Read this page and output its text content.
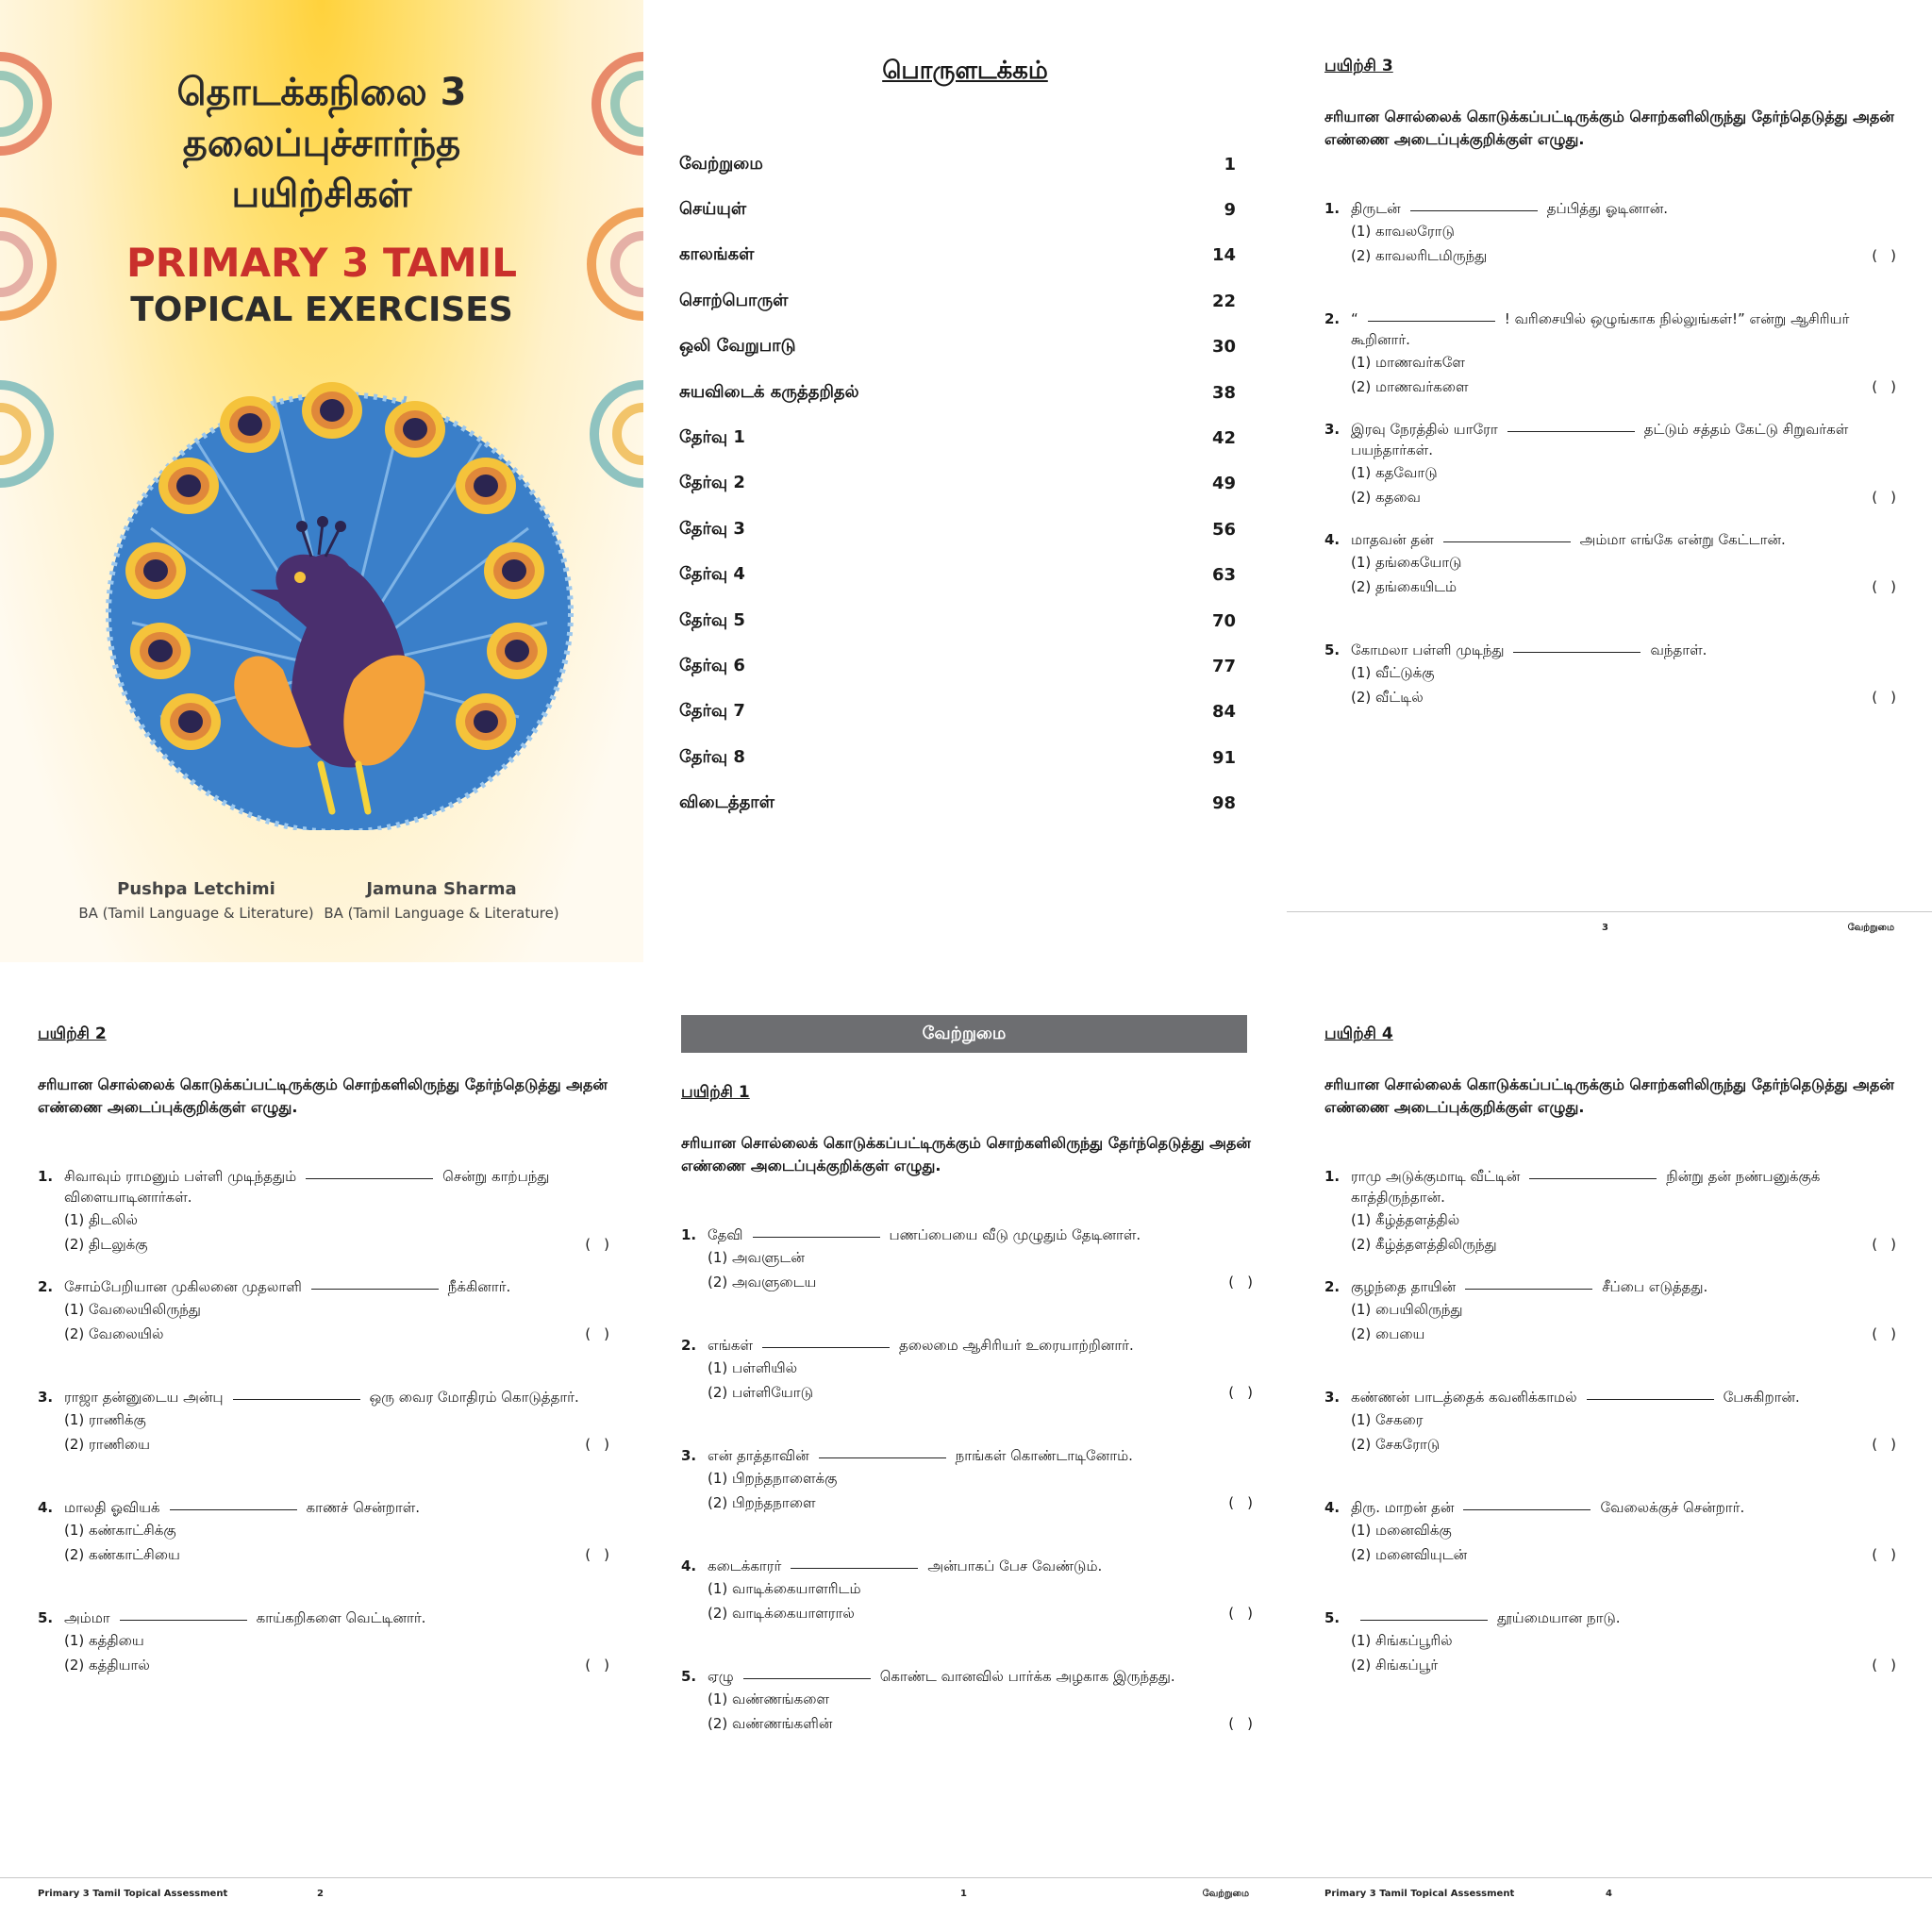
தொடக்கநிலை 3
தலைப்புச்சார்ந்த
பயிற்சிகள்
PRIMARY 3 TAMIL
TOPICAL EXERCISES
Pushpa Letchimi
BA (Tamil Language & Literature)
Jamuna Sharma
BA (Tamil Language & Literature)
பொருளடக்கம்
வேற்றுமை	1
செய்யுள்	9
காலங்கள்	14
சொற்பொருள்	22
ஒலி வேறுபாடு	30
சுயவிடைக் கருத்தறிதல்	38
தேர்வு 1	42
தேர்வு 2	49
தேர்வு 3	56
தேர்வு 4	63
தேர்வு 5	70
தேர்வு 6	77
தேர்வு 7	84
தேர்வு 8	91
விடைத்தாள்	98
பயிற்சி 3
சரியான சொல்லைக் கொடுக்கப்பட்டிருக்கும் சொற்களிலிருந்து தேர்ந்தெடுத்து அதன் எண்ணை அடைப்புக்குறிக்குள் எழுது.
1. திருடன்	தப்பித்து ஓடினான்.
(1) காவலரோடு
(2) காவலரிடமிருந்து	()
2. “	! வரிசையில் ஒழுங்காக நில்லுங்கள்!” என்று ஆசிரியர்
கூறினார்.
(1) மாணவர்களே
(2) மாணவர்களை	()
3. இரவு நேரத்தில் யாரோ	தட்டும் சத்தம் கேட்டு சிறுவர்கள்
பயந்தார்கள்.
(1) கதவோடு
(2) கதவை	()
4. மாதவன் தன்	அம்மா எங்கே என்று கேட்டான்.
(1) தங்கையோடு
(2) தங்கையிடம்	()
5. கோமலா பள்ளி முடிந்து	வந்தாள்.
(1) வீட்டுக்கு
(2) வீட்டில்	()
3	வேற்றுமை
பயிற்சி 2
சரியான சொல்லைக் கொடுக்கப்பட்டிருக்கும் சொற்களிலிருந்து தேர்ந்தெடுத்து அதன் எண்ணை அடைப்புக்குறிக்குள் எழுது.
1. சிவாவும் ராமனும் பள்ளி முடிந்ததும்	சென்று காற்பந்து
விளையாடினார்கள்.
(1) திடலில்
(2) திடலுக்கு	()
2. சோம்பேறியான முகிலனை முதலாளி	நீக்கினார்.
(1) வேலையிலிருந்து
(2) வேலையில்	()
3. ராஜா தன்னுடைய அன்பு	ஒரு வைர மோதிரம் கொடுத்தார்.
(1) ராணிக்கு
(2) ராணியை	()
4. மாலதி ஓவியக்	காணச் சென்றாள்.
(1) கண்காட்சிக்கு
(2) கண்காட்சியை	()
5. அம்மா	காய்கறிகளை வெட்டினார்.
(1) கத்தியை
(2) கத்தியால்	()
Primary 3 Tamil Topical Assessment	2
வேற்றுமை
பயிற்சி 1
சரியான சொல்லைக் கொடுக்கப்பட்டிருக்கும் சொற்களிலிருந்து தேர்ந்தெடுத்து அதன் எண்ணை அடைப்புக்குறிக்குள் எழுது.
1. தேவி	பணப்பையை வீடு முழுதும் தேடினாள்.
(1) அவளுடன்
(2) அவளுடைய	()
2. எங்கள்	தலைமை ஆசிரியர் உரையாற்றினார்.
(1) பள்ளியில்
(2) பள்ளியோடு	()
3. என் தாத்தாவின்	நாங்கள் கொண்டாடினோம்.
(1) பிறந்தநாளைக்கு
(2) பிறந்தநாளை	()
4. கடைக்காரர்	அன்பாகப் பேச வேண்டும்.
(1) வாடிக்கையாளரிடம்
(2) வாடிக்கையாளரால்	()
5. ஏழு	கொண்ட வானவில் பார்க்க அழகாக இருந்தது.
(1) வண்ணங்களை
(2) வண்ணங்களின்	()
1	வேற்றுமை
பயிற்சி 4
சரியான சொல்லைக் கொடுக்கப்பட்டிருக்கும் சொற்களிலிருந்து தேர்ந்தெடுத்து அதன் எண்ணை அடைப்புக்குறிக்குள் எழுது.
1. ராமு அடுக்குமாடி வீட்டின்	நின்று தன் நண்பனுக்குக்
காத்திருந்தான்.
(1) கீழ்த்தளத்தில்
(2) கீழ்த்தளத்திலிருந்து	()
2. குழந்தை தாயின்	சீப்பை எடுத்தது.
(1) பையிலிருந்து
(2) பையை	()
3. கண்ணன் பாடத்தைக் கவனிக்காமல்	பேசுகிறான்.
(1) சேகரை
(2) சேகரோடு	()
4. திரு. மாறன் தன்	வேலைக்குச் சென்றார்.
(1) மனைவிக்கு
(2) மனைவியுடன்	()
5.	தூய்மையான நாடு.
(1) சிங்கப்பூரில்
(2) சிங்கப்பூர்	()
Primary 3 Tamil Topical Assessment	4
